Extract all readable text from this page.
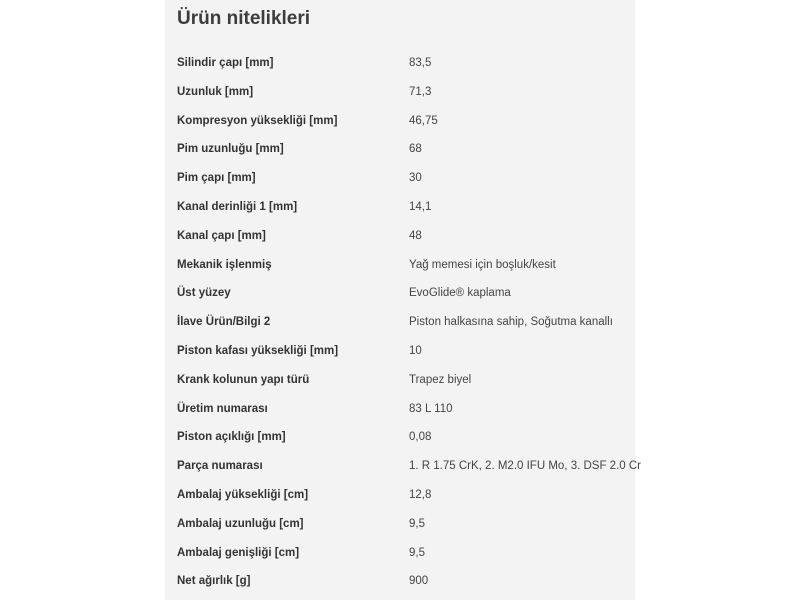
Ürün nitelikleri
Silindir çapı [mm]	83,5
Uzunluk [mm]	71,3
Kompresyon yüksekliği [mm]	46,75
Pim uzunluğu [mm]	68
Pim çapı [mm]	30
Kanal derinliği 1 [mm]	14,1
Kanal çapı [mm]	48
Mekanik işlenmiş	Yağ memesi için boşluk/kesit
Üst yüzey	EvoGlide® kaplama
İlave Ürün/Bilgi 2	Piston halkasına sahip, Soğutma kanallı
Piston kafası yüksekliği [mm]	10
Krank kolunun yapı türü	Trapez biyel
Üretim numarası	83 L 110
Piston açıklığı [mm]	0,08
Parça numarası	1. R 1.75 CrK, 2. M2.0 IFU Mo, 3. DSF 2.0 Cr
Ambalaj yüksekliği [cm]	12,8
Ambalaj uzunluğu [cm]	9,5
Ambalaj genişliği [cm]	9,5
Net ağırlık [g]	900
